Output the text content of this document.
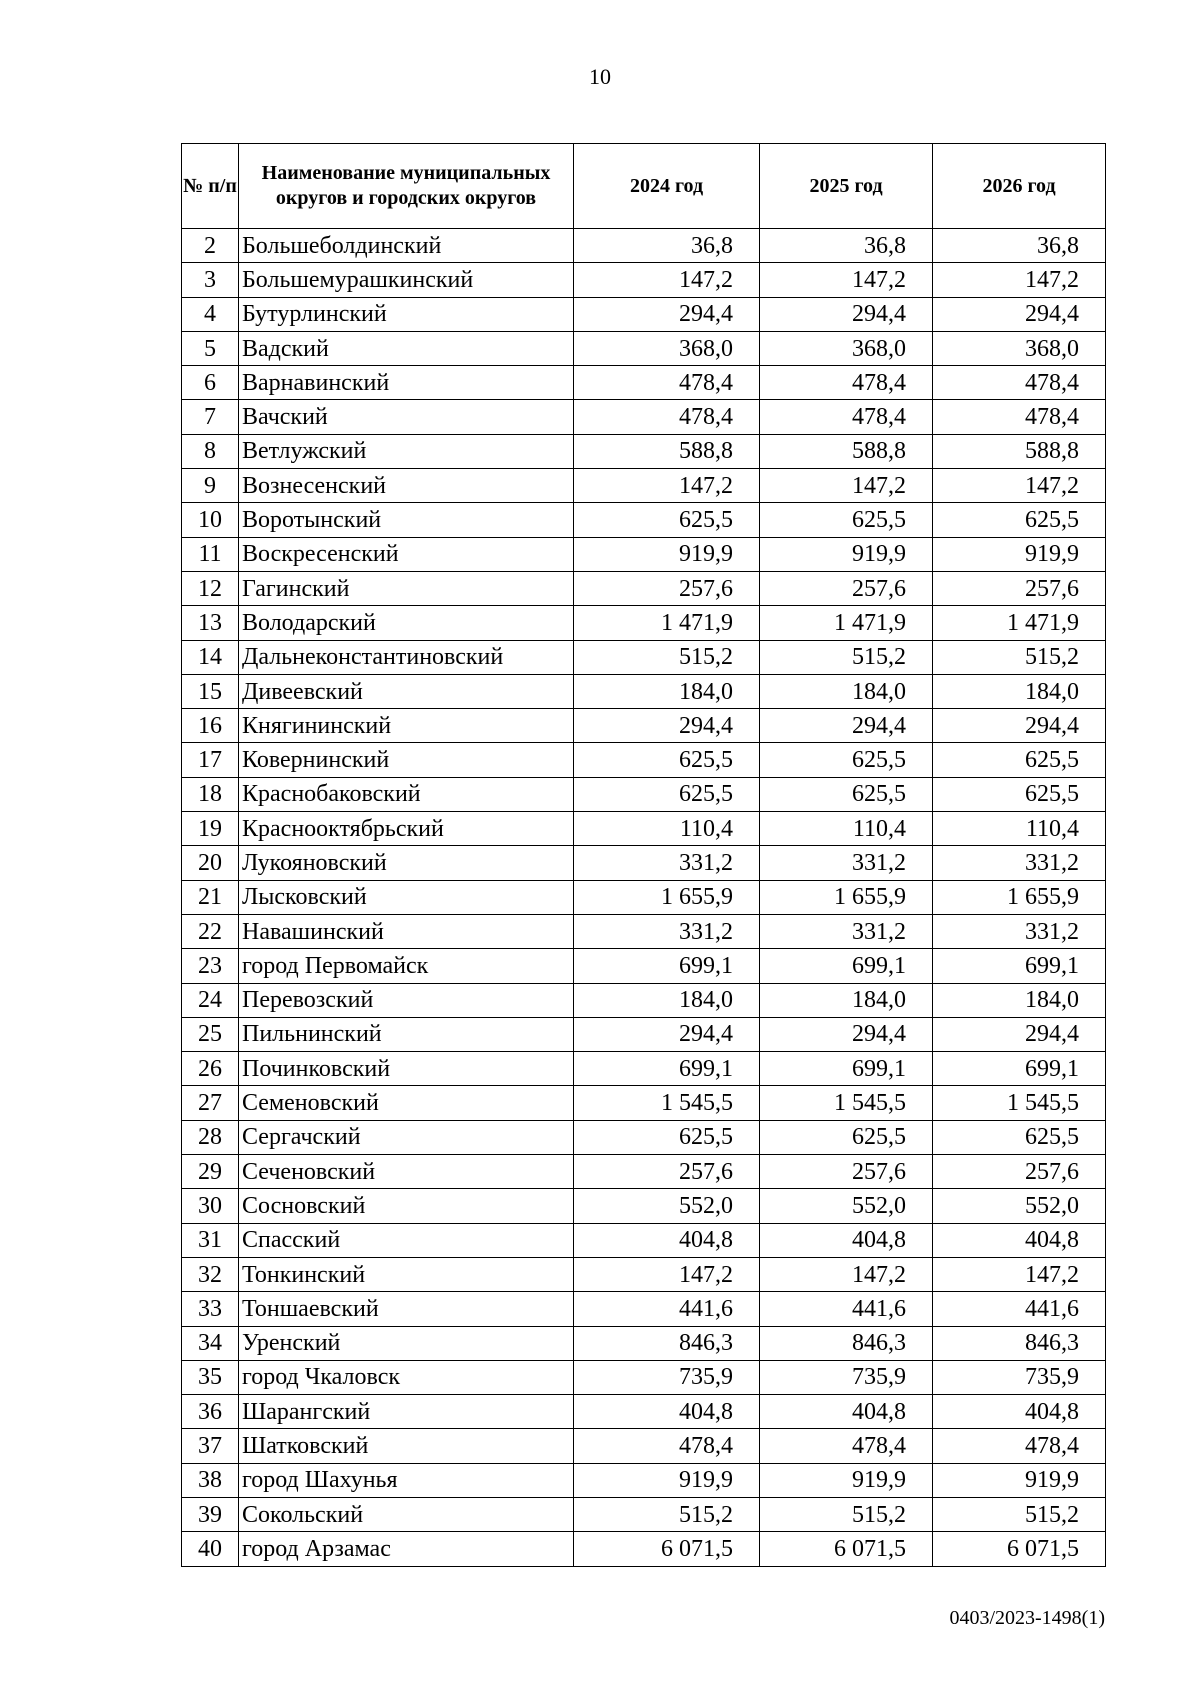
10
№ п/п	Наименование муниципальных округов и городских округов	2024 год	2025 год	2026 год
2	Большеболдинский	36,8	36,8	36,8
3	Большемурашкинский	147,2	147,2	147,2
4	Бутурлинский	294,4	294,4	294,4
5	Вадский	368,0	368,0	368,0
6	Варнавинский	478,4	478,4	478,4
7	Вачский	478,4	478,4	478,4
8	Ветлужский	588,8	588,8	588,8
9	Вознесенский	147,2	147,2	147,2
10	Воротынский	625,5	625,5	625,5
11	Воскресенский	919,9	919,9	919,9
12	Гагинский	257,6	257,6	257,6
13	Володарский	1 471,9	1 471,9	1 471,9
14	Дальнеконстантиновский	515,2	515,2	515,2
15	Дивеевский	184,0	184,0	184,0
16	Княгининский	294,4	294,4	294,4
17	Ковернинский	625,5	625,5	625,5
18	Краснобаковский	625,5	625,5	625,5
19	Краснооктябрьский	110,4	110,4	110,4
20	Лукояновский	331,2	331,2	331,2
21	Лысковский	1 655,9	1 655,9	1 655,9
22	Навашинский	331,2	331,2	331,2
23	город Первомайск	699,1	699,1	699,1
24	Перевозский	184,0	184,0	184,0
25	Пильнинский	294,4	294,4	294,4
26	Починковский	699,1	699,1	699,1
27	Семеновский	1 545,5	1 545,5	1 545,5
28	Сергачский	625,5	625,5	625,5
29	Сеченовский	257,6	257,6	257,6
30	Сосновский	552,0	552,0	552,0
31	Спасский	404,8	404,8	404,8
32	Тонкинский	147,2	147,2	147,2
33	Тоншаевский	441,6	441,6	441,6
34	Уренский	846,3	846,3	846,3
35	город Чкаловск	735,9	735,9	735,9
36	Шарангский	404,8	404,8	404,8
37	Шатковский	478,4	478,4	478,4
38	город Шахунья	919,9	919,9	919,9
39	Сокольский	515,2	515,2	515,2
40	город Арзамас	6 071,5	6 071,5	6 071,5
0403/2023-1498(1)
